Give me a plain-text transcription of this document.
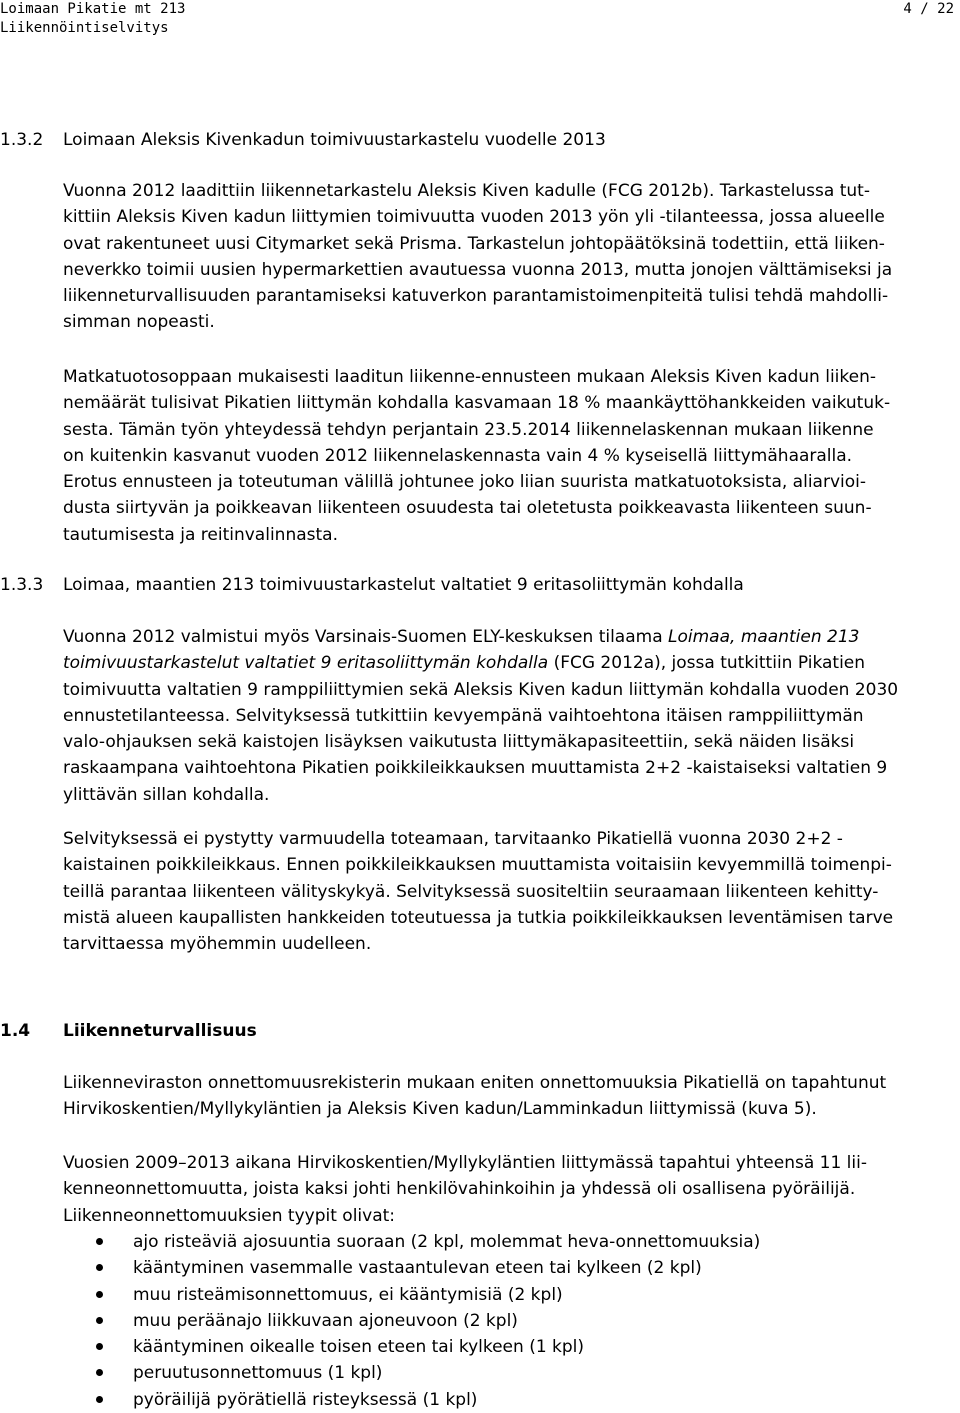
Loimaan Pikatie mt 213
Liikennöintiselvitys
4 / 22
1.3.2 Loimaan Aleksis Kivenkadun toimivuustarkastelu vuodelle 2013
Vuonna 2012 laadittiin liikennetarkastelu Aleksis Kiven kadulle (FCG 2012b). Tarkastelussa tut-
kittiin Aleksis Kiven kadun liittymien toimivuutta vuoden 2013 yön yli -tilanteessa, jossa alueelle
ovat rakentuneet uusi Citymarket sekä Prisma. Tarkastelun johtopäätöksinä todettiin, että liiken-
neverkko toimii uusien hypermarkettien avautuessa vuonna 2013, mutta jonojen välttämiseksi ja
liikenneturvallisuuden parantamiseksi katuverkon parantamistoimenpiteitä tulisi tehdä mahdolli-
simman nopeasti.
Matkatuotosoppaan mukaisesti laaditun liikenne-ennusteen mukaan Aleksis Kiven kadun liiken-
nemäärät tulisivat Pikatien liittymän kohdalla kasvamaan 18 % maankäyttöhankkeiden vaikutuk-
sesta. Tämän työn yhteydessä tehdyn perjantain 23.5.2014 liikennelaskennan mukaan liikenne
on kuitenkin kasvanut vuoden 2012 liikennelaskennasta vain 4 % kyseisellä liittymähaaralla.
Erotus ennusteen ja toteutuman välillä johtunee joko liian suurista matkatuotoksista, aliarvioi-
dusta siirtyvän ja poikkeavan liikenteen osuudesta tai oletetusta poikkeavasta liikenteen suun-
tautumisesta ja reitinvalinnasta.
1.3.3 Loimaa, maantien 213 toimivuustarkastelut valtatiet 9 eritasoliittymän kohdalla
Vuonna 2012 valmistui myös Varsinais-Suomen ELY-keskuksen tilaama Loimaa, maantien 213
toimivuustarkastelut valtatiet 9 eritasoliittymän kohdalla (FCG 2012a), jossa tutkittiin Pikatien
toimivuutta valtatien 9 ramppiliittymien sekä Aleksis Kiven kadun liittymän kohdalla vuoden 2030
ennustetilanteessa. Selvityksessä tutkittiin kevyempänä vaihtoehtona itäisen ramppiliittymän
valo-ohjauksen sekä kaistojen lisäyksen vaikutusta liittymäkapasiteettiin, sekä näiden lisäksi
raskaampana vaihtoehtona Pikatien poikkileikkauksen muuttamista 2+2 -kaistaiseksi valtatien 9
ylittävän sillan kohdalla.
Selvityksessä ei pystytty varmuudella toteamaan, tarvitaanko Pikatiellä vuonna 2030 2+2 -
kaistainen poikkileikkaus. Ennen poikkileikkauksen muuttamista voitaisiin kevyemmillä toimenpi-
teillä parantaa liikenteen välityskykyä. Selvityksessä suositeltiin seuraamaan liikenteen kehitty-
mistä alueen kaupallisten hankkeiden toteutuessa ja tutkia poikkileikkauksen leventämisen tarve
tarvittaessa myöhemmin uudelleen.
1.4 Liikenneturvallisuus
Liikenneviraston onnettomuusrekisterin mukaan eniten onnettomuuksia Pikatiellä on tapahtunut
Hirvikoskentien/Myllykyläntien ja Aleksis Kiven kadun/Lamminkadun liittymissä (kuva 5).
Vuosien 2009–2013 aikana Hirvikoskentien/Myllykyläntien liittymässä tapahtui yhteensä 11 lii-
kenneonnettomuutta, joista kaksi johti henkilövahinkoihin ja yhdessä oli osallisena pyöräilijä.
Liikenneonnettomuuksien tyypit olivat:
ajo risteäviä ajosuuntia suoraan (2 kpl, molemmat heva-onnettomuuksia)
kääntyminen vasemmalle vastaantulevan eteen tai kylkeen (2 kpl)
muu risteämisonnettomuus, ei kääntymisiä (2 kpl)
muu peräänajo liikkuvaan ajoneuvoon (2 kpl)
kääntyminen oikealle toisen eteen tai kylkeen (1 kpl)
peruutusonnettomuus (1 kpl)
pyöräilijä pyörätiellä risteyksessä (1 kpl)
